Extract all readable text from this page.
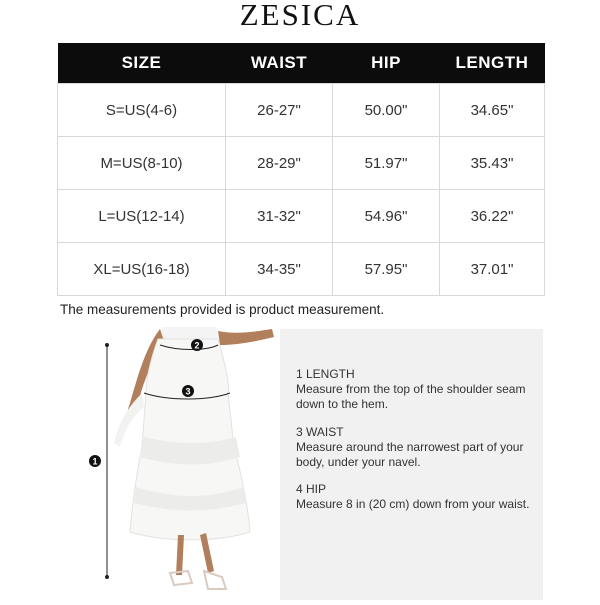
ZESICA
SIZE	WAIST	HIP	LENGTH
S=US(4-6)	26-27"	50.00"	34.65"
M=US(8-10)	28-29"	51.97"	35.43"
L=US(12-14)	31-32"	54.96"	36.22"
XL=US(16-18)	34-35"	57.95"	37.01"
The measurements provided is product measurement.
2
3
1
1 LENGTH
Measure from the top of the shoulder seam down to the hem.
3 WAIST
Measure around the narrowest part of your body, under your navel.
4 HIP
Measure 8 in (20 cm) down from your waist.
